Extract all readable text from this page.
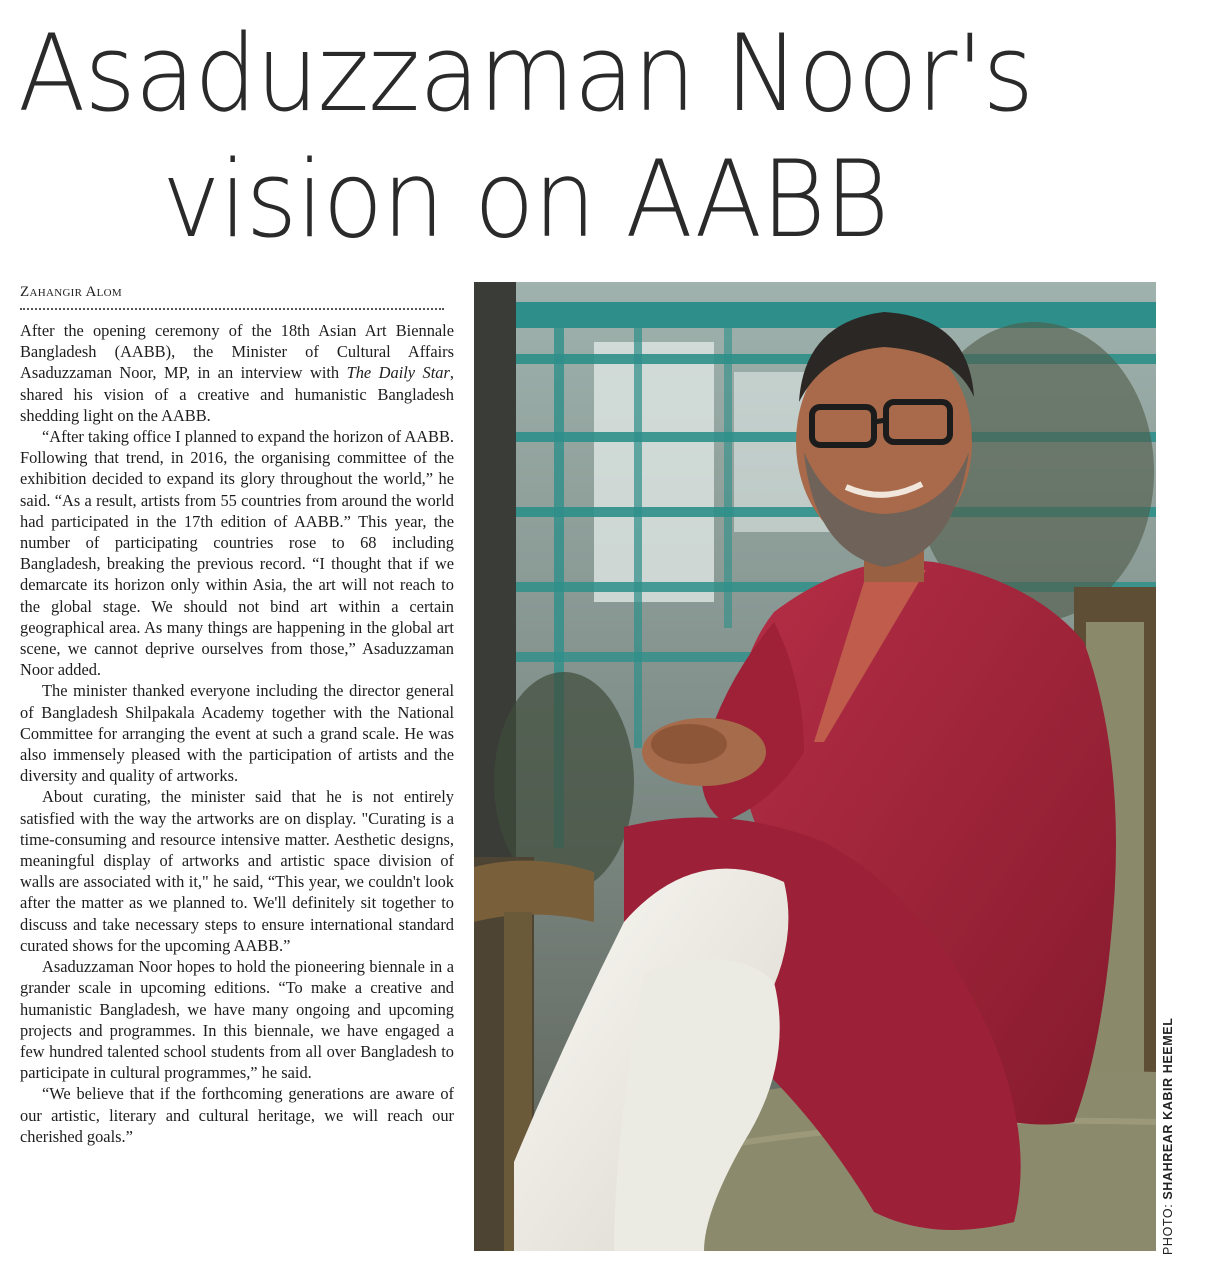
Asaduzzaman Noor's
vision on AABB
Zahangir Alom

After the opening ceremony of the 18th Asian Art Biennale Bangladesh (AABB), the Minister of Cultural Affairs Asaduzzaman Noor, MP, in an interview with The Daily Star, shared his vision of a creative and humanistic Bangladesh shedding light on the AABB.

“After taking office I planned to expand the horizon of AABB. Following that trend, in 2016, the organising committee of the exhibition decided to expand its glory throughout the world,” he said. “As a result, artists from 55 countries from around the world had participated in the 17th edition of AABB.” This year, the number of participating countries rose to 68 including Bangladesh, breaking the previous record. “I thought that if we demarcate its horizon only within Asia, the art will not reach to the global stage. We should not bind art within a certain geographical area. As many things are happening in the global art scene, we cannot deprive ourselves from those,” Asaduzzaman Noor added.

The minister thanked everyone including the director general of Bangladesh Shilpakala Academy together with the National Committee for arranging the event at such a grand scale. He was also immensely pleased with the participation of artists and the diversity and quality of artworks.

About curating, the minister said that he is not entirely satisfied with the way the artworks are on display. "Curating is a time-consuming and resource intensive matter. Aesthetic designs, meaningful display of artworks and artistic space division of walls are associated with it," he said, “This year, we couldn't look after the matter as we planned to. We'll definitely sit together to discuss and take necessary steps to ensure international standard curated shows for the upcoming AABB.”

Asaduzzaman Noor hopes to hold the pioneering biennale in a grander scale in upcoming editions. “To make a creative and humanistic Bangladesh, we have many ongoing and upcoming projects and programmes. In this biennale, we have engaged a few hundred talented school students from all over Bangladesh to participate in cultural programmes,” he said.

“We believe that if the forthcoming generations are aware of our artistic, literary and cultural heritage, we will reach our cherished goals.”

PHOTO: SHAHREAR KABIR HEEMEL
